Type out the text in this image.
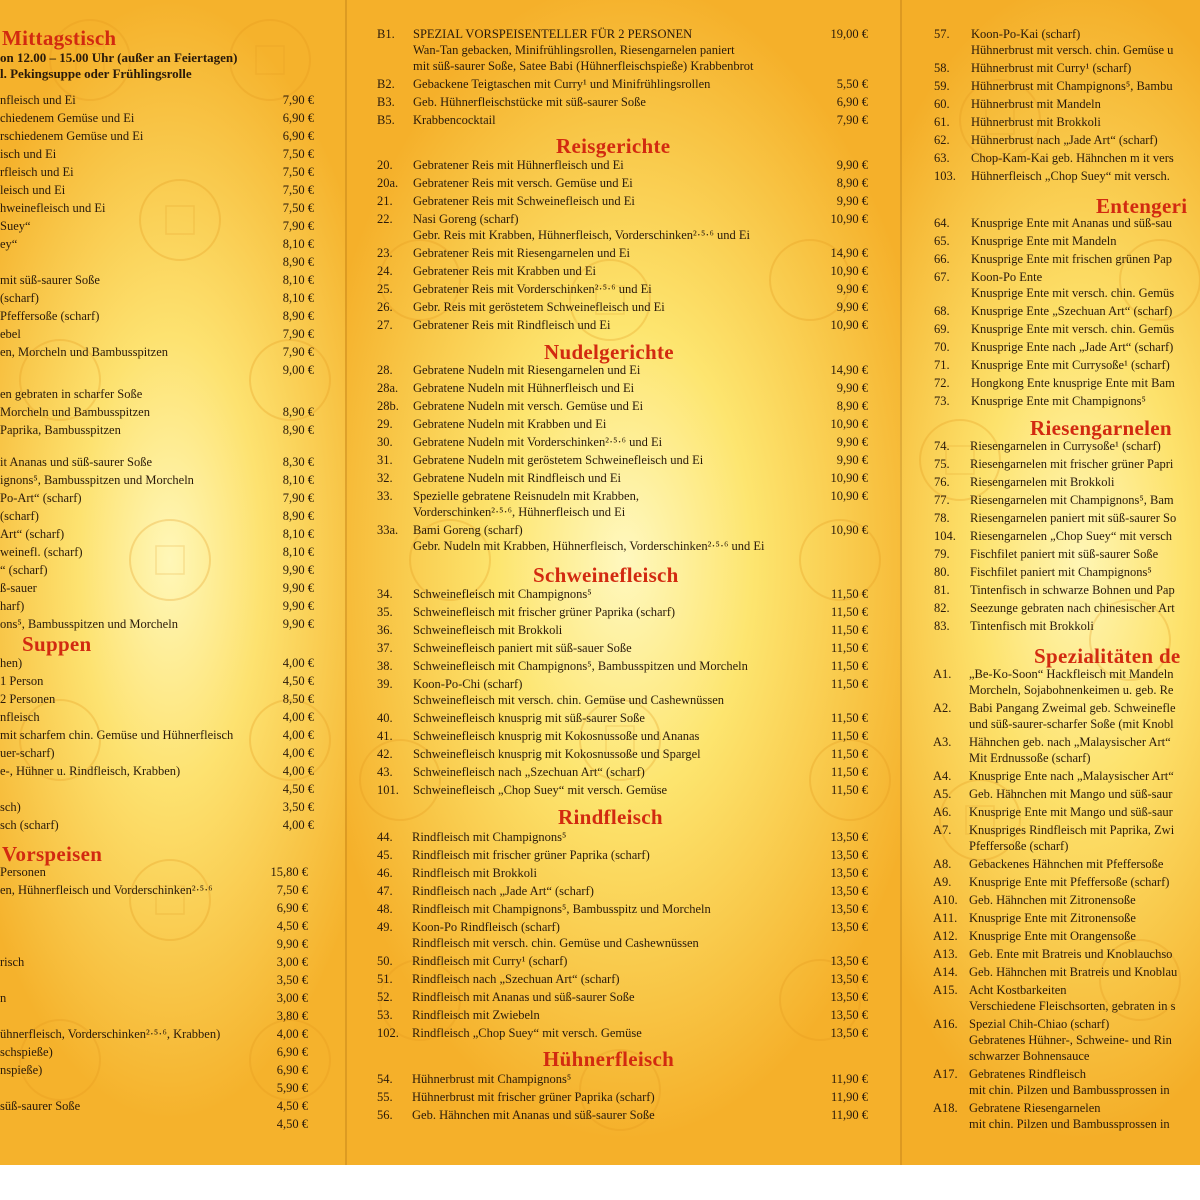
Mittagstisch
on 12.00 – 15.00 Uhr (außer an Feiertagen)
l. Pekingsuppe oder Frühlingsrolle
nfleisch und Ei	7,90 €
chiedenem Gemüse und Ei	6,90 €
rschiedenem Gemüse und Ei	6,90 €
isch und Ei	7,50 €
rfleisch und Ei	7,50 €
leisch und Ei	7,50 €
hweinefleisch und Ei	7,50 €
Suey“	7,90 €
ey“	8,10 €
8,90 €
mit süß-saurer Soße	8,10 €
(scharf)	8,10 €
Pfeffersoße (scharf)	8,90 €
ebel	7,90 €
en, Morcheln und Bambusspitzen	7,90 €
9,00 €
en gebraten in scharfer Soße
Morcheln und Bambusspitzen	8,90 €
Paprika, Bambusspitzen	8,90 €
it Ananas und süß-saurer Soße	8,30 €
ignons⁵, Bambusspitzen und Morcheln	8,10 €
Po-Art“ (scharf)	7,90 €
(scharf)	8,90 €
Art“ (scharf)	8,10 €
weinefl. (scharf)	8,10 €
“ (scharf)	9,90 €
ß-sauer	9,90 €
harf)	9,90 €
ons⁵, Bambusspitzen und Morcheln	9,90 €
Suppen
hen)	4,00 €
1 Person	4,50 €
2 Personen	8,50 €
nfleisch	4,00 €
mit scharfem chin. Gemüse und Hühnerfleisch	4,00 €
uer-scharf)	4,00 €
e-, Hühner u. Rindfleisch, Krabben)	4,00 €
4,50 €
sch)	3,50 €
sch (scharf)	4,00 €
Vorspeisen
Personen	15,80 €
en, Hühnerfleisch und Vorderschinken²·⁵·⁶	7,50 €
6,90 €
4,50 €
9,90 €
risch	3,00 €
3,50 €
n	3,00 €
3,80 €
ühnerfleisch, Vorderschinken²·⁵·⁶, Krabben)	4,00 €
schspieße)	6,90 €
nspieße)	6,90 €
5,90 €
süß-saurer Soße	4,50 €
4,50 €
B1. SPEZIAL VORSPEISENTELLER FÜR 2 PERSONEN	19,00 €
Wan-Tan gebacken, Minifrühlingsrollen, Riesengarnelen paniert
mit süß-saurer Soße, Satee Babi (Hühnerfleischspieße) Krabbenbrot
B2. Gebackene Teigtaschen mit Curry¹ und Minifrühlingsrollen	5,50 €
B3. Geb. Hühnerfleischstücke mit süß-saurer Soße	6,90 €
B5. Krabbencocktail	7,90 €
Reisgerichte
20. Gebratener Reis mit Hühnerfleisch und Ei	9,90 €
20a. Gebratener Reis mit versch. Gemüse und Ei	8,90 €
21. Gebratener Reis mit Schweinefleisch und Ei	9,90 €
22. Nasi Goreng (scharf)	10,90 €
Gebr. Reis mit Krabben, Hühnerfleisch, Vorderschinken²·⁵·⁶ und Ei
23. Gebratener Reis mit Riesengarnelen und Ei	14,90 €
24. Gebratener Reis mit Krabben und Ei	10,90 €
25. Gebratener Reis mit Vorderschinken²·⁵·⁶ und Ei	9,90 €
26. Gebr. Reis mit geröstetem Schweinefleisch und Ei	9,90 €
27. Gebratener Reis mit Rindfleisch und Ei	10,90 €
Nudelgerichte
28. Gebratene Nudeln mit Riesengarnelen und Ei	14,90 €
28a. Gebratene Nudeln mit Hühnerfleisch und Ei	9,90 €
28b. Gebratene Nudeln mit versch. Gemüse und Ei	8,90 €
29. Gebratene Nudeln mit Krabben und Ei	10,90 €
30. Gebratene Nudeln mit Vorderschinken²·⁵·⁶ und Ei	9,90 €
31. Gebratene Nudeln mit geröstetem Schweinefleisch und Ei	9,90 €
32. Gebratene Nudeln mit Rindfleisch und Ei	10,90 €
33. Spezielle gebratene Reisnudeln mit Krabben,	10,90 €
Vorderschinken²·⁵·⁶, Hühnerfleisch und Ei
33a. Bami Goreng (scharf)	10,90 €
Gebr. Nudeln mit Krabben, Hühnerfleisch, Vorderschinken²·⁵·⁶ und Ei
Schweinefleisch
34. Schweinefleisch mit Champignons⁵	11,50 €
35. Schweinefleisch mit frischer grüner Paprika (scharf)	11,50 €
36. Schweinefleisch mit Brokkoli	11,50 €
37. Schweinefleisch paniert mit süß-sauer Soße	11,50 €
38. Schweinefleisch mit Champignons⁵, Bambusspitzen und Morcheln	11,50 €
39. Koon-Po-Chi (scharf)	11,50 €
Schweinefleisch mit versch. chin. Gemüse und Cashewnüssen
40. Schweinefleisch knusprig mit süß-saurer Soße	11,50 €
41. Schweinefleisch knusprig mit Kokosnussoße und Ananas	11,50 €
42. Schweinefleisch knusprig mit Kokosnussoße und Spargel	11,50 €
43. Schweinefleisch nach „Szechuan Art“ (scharf)	11,50 €
101. Schweinefleisch „Chop Suey“ mit versch. Gemüse	11,50 €
Rindfleisch
44. Rindfleisch mit Champignons⁵	13,50 €
45. Rindfleisch mit frischer grüner Paprika (scharf)	13,50 €
46. Rindfleisch mit Brokkoli	13,50 €
47. Rindfleisch nach „Jade Art“ (scharf)	13,50 €
48. Rindfleisch mit Champignons⁵, Bambusspitz und Morcheln	13,50 €
49. Koon-Po Rindfleisch (scharf)	13,50 €
Rindfleisch mit versch. chin. Gemüse und Cashewnüssen
50. Rindfleisch mit Curry¹ (scharf)	13,50 €
51. Rindfleisch nach „Szechuan Art“ (scharf)	13,50 €
52. Rindfleisch mit Ananas und süß-saurer Soße	13,50 €
53. Rindfleisch mit Zwiebeln	13,50 €
102. Rindfleisch „Chop Suey“ mit versch. Gemüse	13,50 €
Hühnerfleisch
54. Hühnerbrust mit Champignons⁵	11,90 €
55. Hühnerbrust mit frischer grüner Paprika (scharf)	11,90 €
56. Geb. Hähnchen mit Ananas und süß-saurer Soße	11,90 €
57. Koon-Po-Kai (scharf)
Hühnerbrust mit versch. chin. Gemüse u
58. Hühnerbrust mit Curry¹ (scharf)
59. Hühnerbrust mit Champignons⁵, Bambu
60. Hühnerbrust mit Mandeln
61. Hühnerbrust mit Brokkoli
62. Hühnerbrust nach „Jade Art“ (scharf)
63. Chop-Kam-Kai geb. Hähnchen m it vers
103. Hühnerfleisch „Chop Suey“ mit versch.
Entengeri
64. Knusprige Ente mit Ananas und süß-sau
65. Knusprige Ente mit Mandeln
66. Knusprige Ente mit frischen grünen Pap
67. Koon-Po Ente
Knusprige Ente mit versch. chin. Gemüs
68. Knusprige Ente „Szechuan Art“ (scharf)
69. Knusprige Ente mit versch. chin. Gemüs
70. Knusprige Ente nach „Jade Art“ (scharf)
71. Knusprige Ente mit Currysoße¹ (scharf)
72. Hongkong Ente knusprige Ente mit Bam
73. Knusprige Ente mit Champignons⁵
Riesengarnelen
74. Riesengarnelen in Currysoße¹ (scharf)
75. Riesengarnelen mit frischer grüner Papri
76. Riesengarnelen mit Brokkoli
77. Riesengarnelen mit Champignons⁵, Bam
78. Riesengarnelen paniert mit süß-saurer So
104. Riesengarnelen „Chop Suey“ mit versch
79. Fischfilet paniert mit süß-saurer Soße
80. Fischfilet paniert mit Champignons⁵
81. Tintenfisch in schwarze Bohnen und Pap
82. Seezunge gebraten nach chinesischer Art
83. Tintenfisch mit Brokkoli
Spezialitäten de
A1. „Be-Ko-Soon“ Hackfleisch mit Mandeln
Morcheln, Sojabohnenkeimen u. geb. Re
A2. Babi Pangang Zweimal geb. Schweinefle
und süß-saurer-scharfer Soße (mit Knobl
A3. Hähnchen geb. nach „Malaysischer Art“
Mit Erdnussoße (scharf)
A4. Knusprige Ente nach „Malaysischer Art“
A5. Geb. Hähnchen mit Mango und süß-saur
A6. Knusprige Ente mit Mango und süß-saur
A7. Knuspriges Rindfleisch mit Paprika, Zwi
Pfeffersoße (scharf)
A8. Gebackenes Hähnchen mit Pfeffersoße
A9. Knusprige Ente mit Pfeffersoße (scharf)
A10. Geb. Hähnchen mit Zitronensoße
A11. Knusprige Ente mit Zitronensoße
A12. Knusprige Ente mit Orangensoße
A13. Geb. Ente mit Bratreis und Knoblauchso
A14. Geb. Hähnchen mit Bratreis und Knoblau
A15. Acht Kostbarkeiten
Verschiedene Fleischsorten, gebraten in s
A16. Spezial Chih-Chiao (scharf)
Gebratenes Hühner-, Schweine- und Rin
schwarzer Bohnensauce
A17. Gebratenes Rindfleisch
mit chin. Pilzen und Bambussprossen in
A18. Gebratene Riesengarnelen
mit chin. Pilzen und Bambussprossen in
